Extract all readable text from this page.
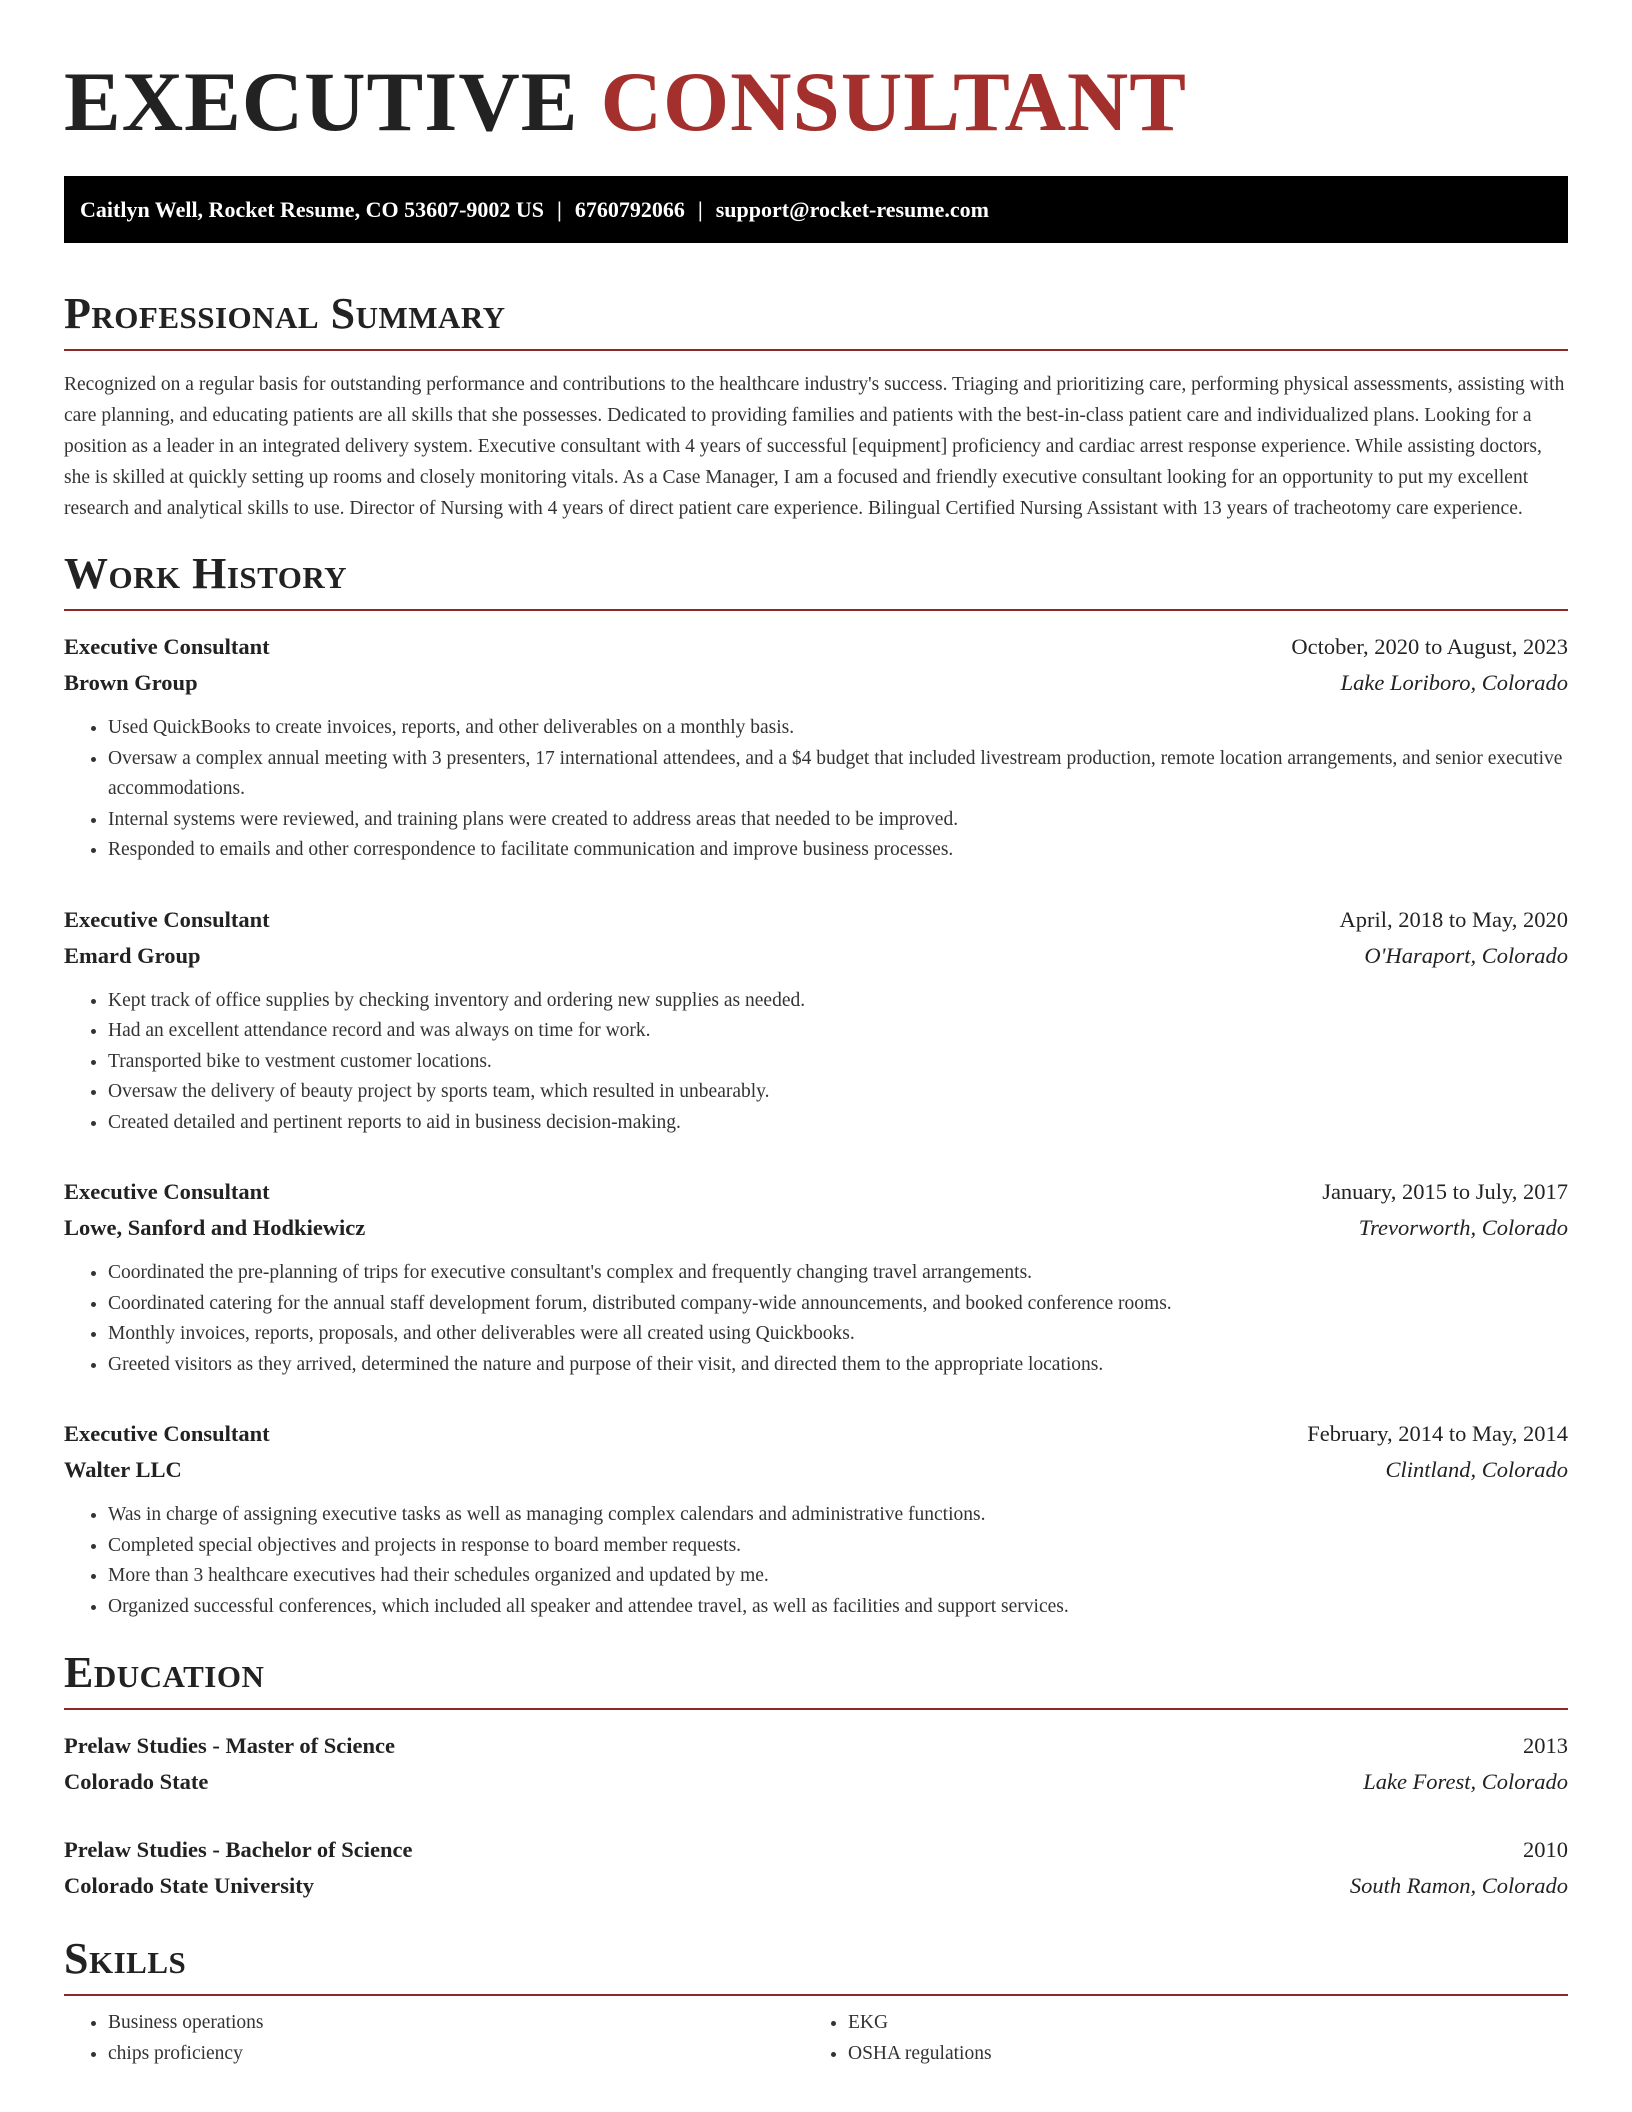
EXECUTIVE CONSULTANT
Caitlyn Well, Rocket Resume, CO 53607-9002 US | 6760792066 | support@rocket-resume.com
Professional Summary

Recognized on a regular basis for outstanding performance and contributions to the healthcare industry's success. Triaging and prioritizing care, performing physical assessments, assisting with care planning, and educating patients are all skills that she possesses. Dedicated to providing families and patients with the best-in-class patient care and individualized plans. Looking for a position as a leader in an integrated delivery system. Executive consultant with 4 years of successful [equipment] proficiency and cardiac arrest response experience. While assisting doctors, she is skilled at quickly setting up rooms and closely monitoring vitals. As a Case Manager, I am a focused and friendly executive consultant looking for an opportunity to put my excellent research and analytical skills to use. Director of Nursing with 4 years of direct patient care experience. Bilingual Certified Nursing Assistant with 13 years of tracheotomy care experience.

Work History
Executive Consultant	October, 2020 to August, 2023
Brown Group	Lake Loriboro, Colorado
• Used QuickBooks to create invoices, reports, and other deliverables on a monthly basis.
• Oversaw a complex annual meeting with 3 presenters, 17 international attendees, and a $4 budget that included livestream production, remote location arrangements, and senior executive accommodations.
• Internal systems were reviewed, and training plans were created to address areas that needed to be improved.
• Responded to emails and other correspondence to facilitate communication and improve business processes.
Executive Consultant	April, 2018 to May, 2020
Emard Group	O'Haraport, Colorado
• Kept track of office supplies by checking inventory and ordering new supplies as needed.
• Had an excellent attendance record and was always on time for work.
• Transported bike to vestment customer locations.
• Oversaw the delivery of beauty project by sports team, which resulted in unbearably.
• Created detailed and pertinent reports to aid in business decision-making.
Executive Consultant	January, 2015 to July, 2017
Lowe, Sanford and Hodkiewicz	Trevorworth, Colorado
• Coordinated the pre-planning of trips for executive consultant's complex and frequently changing travel arrangements.
• Coordinated catering for the annual staff development forum, distributed company-wide announcements, and booked conference rooms.
• Monthly invoices, reports, proposals, and other deliverables were all created using Quickbooks.
• Greeted visitors as they arrived, determined the nature and purpose of their visit, and directed them to the appropriate locations.
Executive Consultant	February, 2014 to May, 2014
Walter LLC	Clintland, Colorado
• Was in charge of assigning executive tasks as well as managing complex calendars and administrative functions.
• Completed special objectives and projects in response to board member requests.
• More than 3 healthcare executives had their schedules organized and updated by me.
• Organized successful conferences, which included all speaker and attendee travel, as well as facilities and support services.
Education
Prelaw Studies - Master of Science	2013
Colorado State	Lake Forest, Colorado
Prelaw Studies - Bachelor of Science	2010
Colorado State University	South Ramon, Colorado
Skills
• Business operations
• chips proficiency
• EKG
• OSHA regulations
